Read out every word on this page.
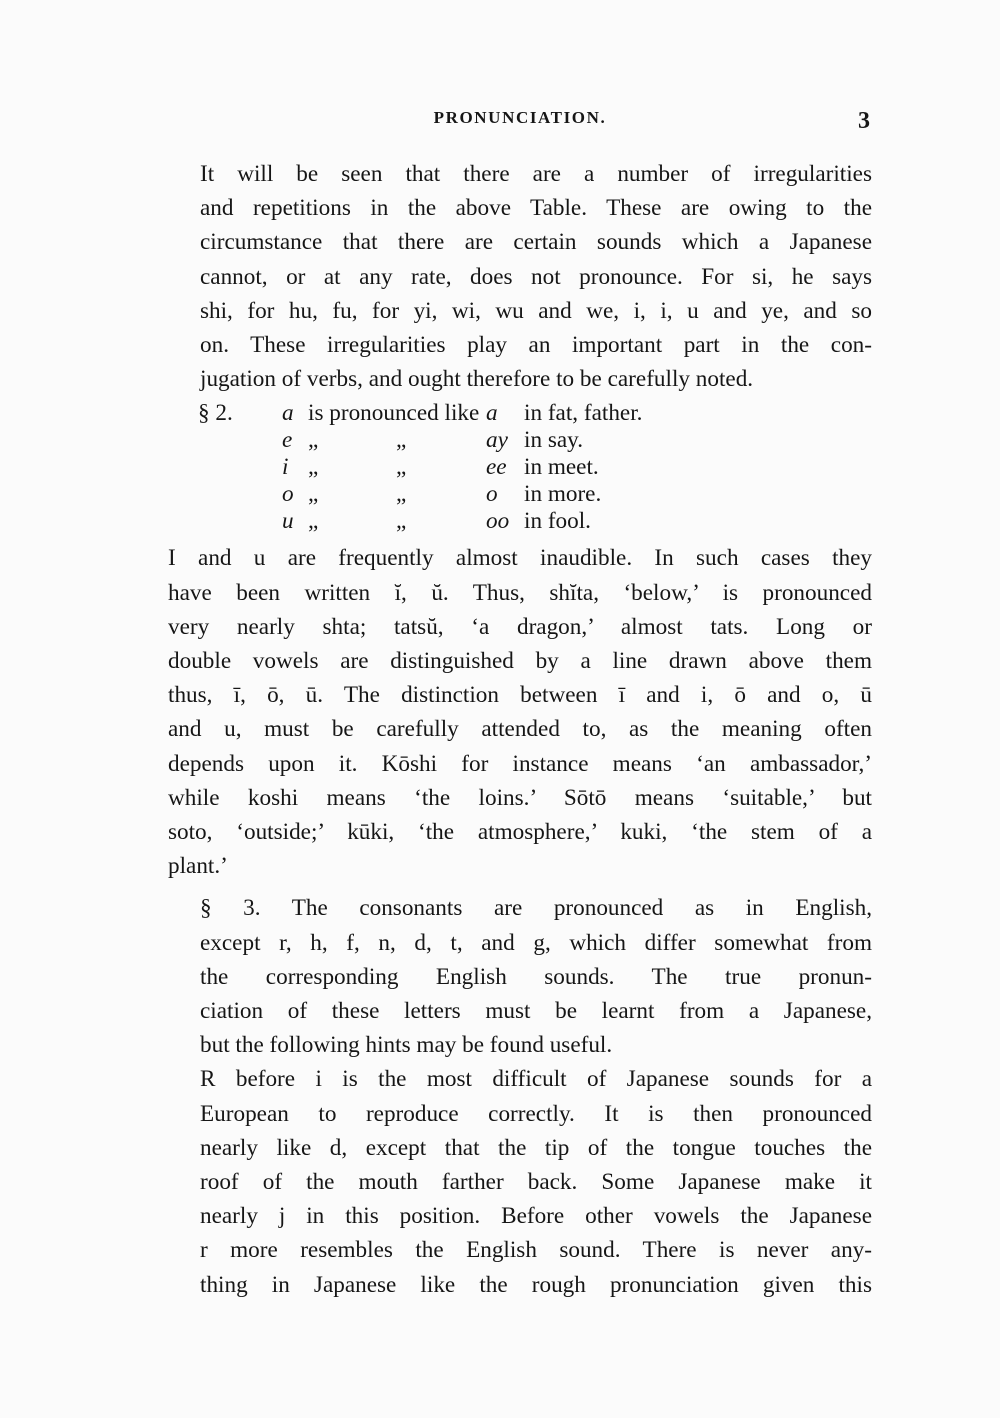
PRONUNCIATION.	3

It will be seen that there are a number of irregularities
and repetitions in the above Table. These are owing to the
circumstance that there are certain sounds which a Japanese
cannot, or at any rate, does not pronounce. For si, he says
shi, for hu, fu, for yi, wi, wu and we, i, i, u and ye, and so
on. These irregularities play an important part in the con-
jugation of verbs, and ought therefore to be carefully noted.

§ 2.	a is pronounced like a	in fat, father.
e „	„	ay in say.
i „	„	ee in meet.
o „	„	o	in more.
u „	„	oo in fool.

I and u are frequently almost inaudible. In such cases they
have been written ĭ, ŭ. Thus, shĭta, ‘below,’ is pronounced
very nearly shta; tatsŭ, ‘a dragon,’ almost tats. Long or
double vowels are distinguished by a line drawn above them
thus, ī, ō, ū. The distinction between ī and i, ō and o, ū
and u, must be carefully attended to, as the meaning often
depends upon it. Kōshi for instance means ‘an ambassador,’
while koshi means ‘the loins.’ Sōtō means ‘suitable,’ but
soto, ‘outside;’ kūki, ‘the atmosphere,’ kuki, ‘the stem of a
plant.’

§ 3. The consonants are pronounced as in English,
except r, h, f, n, d, t, and g, which differ somewhat from
the corresponding English sounds. The true pronun-
ciation of these letters must be learnt from a Japanese,
but the following hints may be found useful.

R before i is the most difficult of Japanese sounds for a
European to reproduce correctly. It is then pronounced
nearly like d, except that the tip of the tongue touches the
roof of the mouth farther back. Some Japanese make it
nearly j in this position. Before other vowels the Japanese
r more resembles the English sound. There is never any-
thing in Japanese like the rough pronunciation given this
